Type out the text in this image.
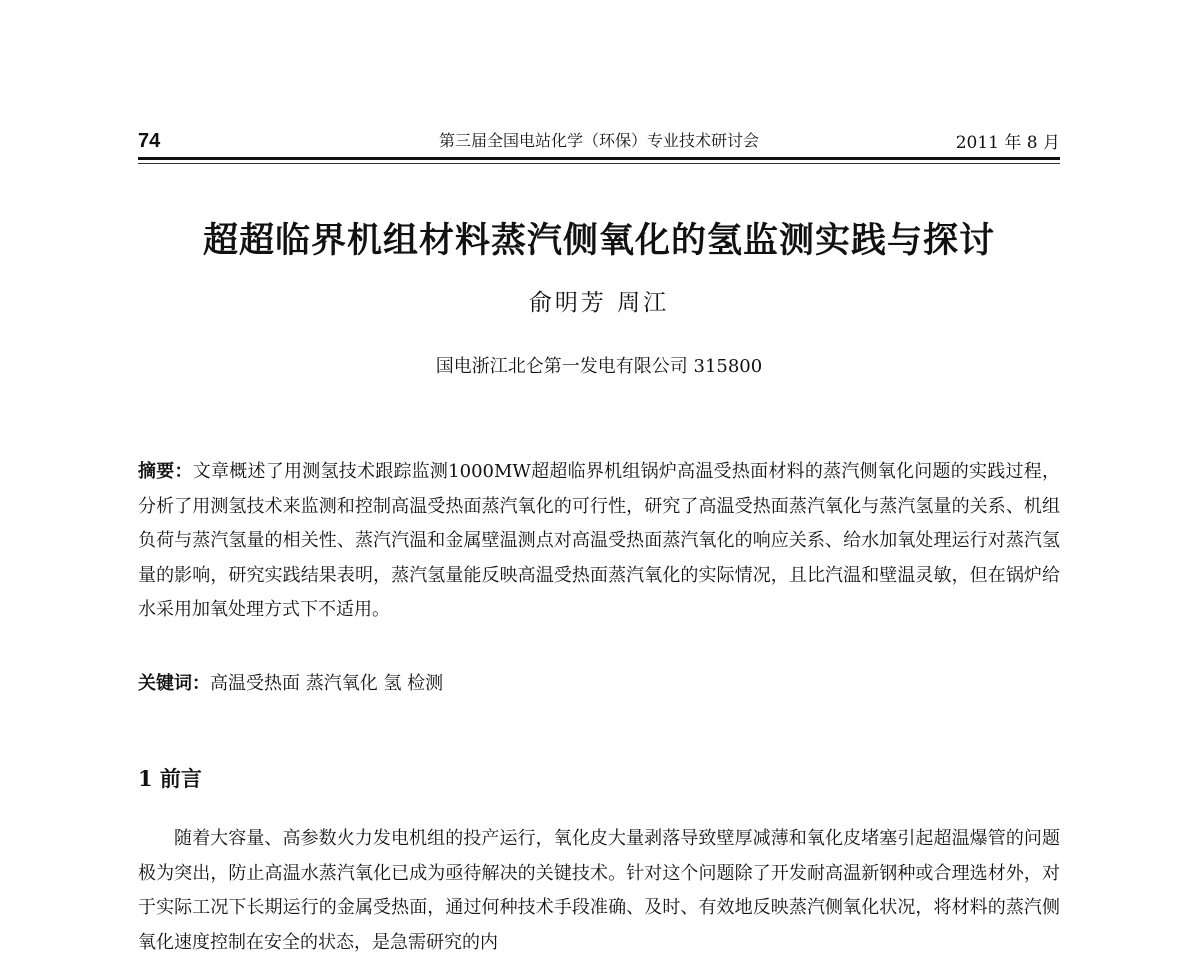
74	第三届全国电站化学（环保）专业技术研讨会	2011 年 8 月
超超临界机组材料蒸汽侧氧化的氢监测实践与探讨
俞明芳 周江
国电浙江北仑第一发电有限公司 315800
摘要：文章概述了用测氢技术跟踪监测1000MW超超临界机组锅炉高温受热面材料的蒸汽侧氧化问题的实践过程，分析了用测氢技术来监测和控制高温受热面蒸汽氧化的可行性，研究了高温受热面蒸汽氧化与蒸汽氢量的关系、机组负荷与蒸汽氢量的相关性、蒸汽汽温和金属壁温测点对高温受热面蒸汽氧化的响应关系、给水加氧处理运行对蒸汽氢量的影响，研究实践结果表明，蒸汽氢量能反映高温受热面蒸汽氧化的实际情况，且比汽温和壁温灵敏，但在锅炉给水采用加氧处理方式下不适用。
关键词：高温受热面 蒸汽氧化 氢 检测
1 前言
随着大容量、高参数火力发电机组的投产运行，氧化皮大量剥落导致壁厚减薄和氧化皮堵塞引起超温爆管的问题极为突出，防止高温水蒸汽氧化已成为亟待解决的关键技术。针对这个问题除了开发耐高温新钢种或合理选材外，对于实际工况下长期运行的金属受热面，通过何种技术手段准确、及时、有效地反映蒸汽侧氧化状况，将材料的蒸汽侧氧化速度控制在安全的状态，是急需研究的内
